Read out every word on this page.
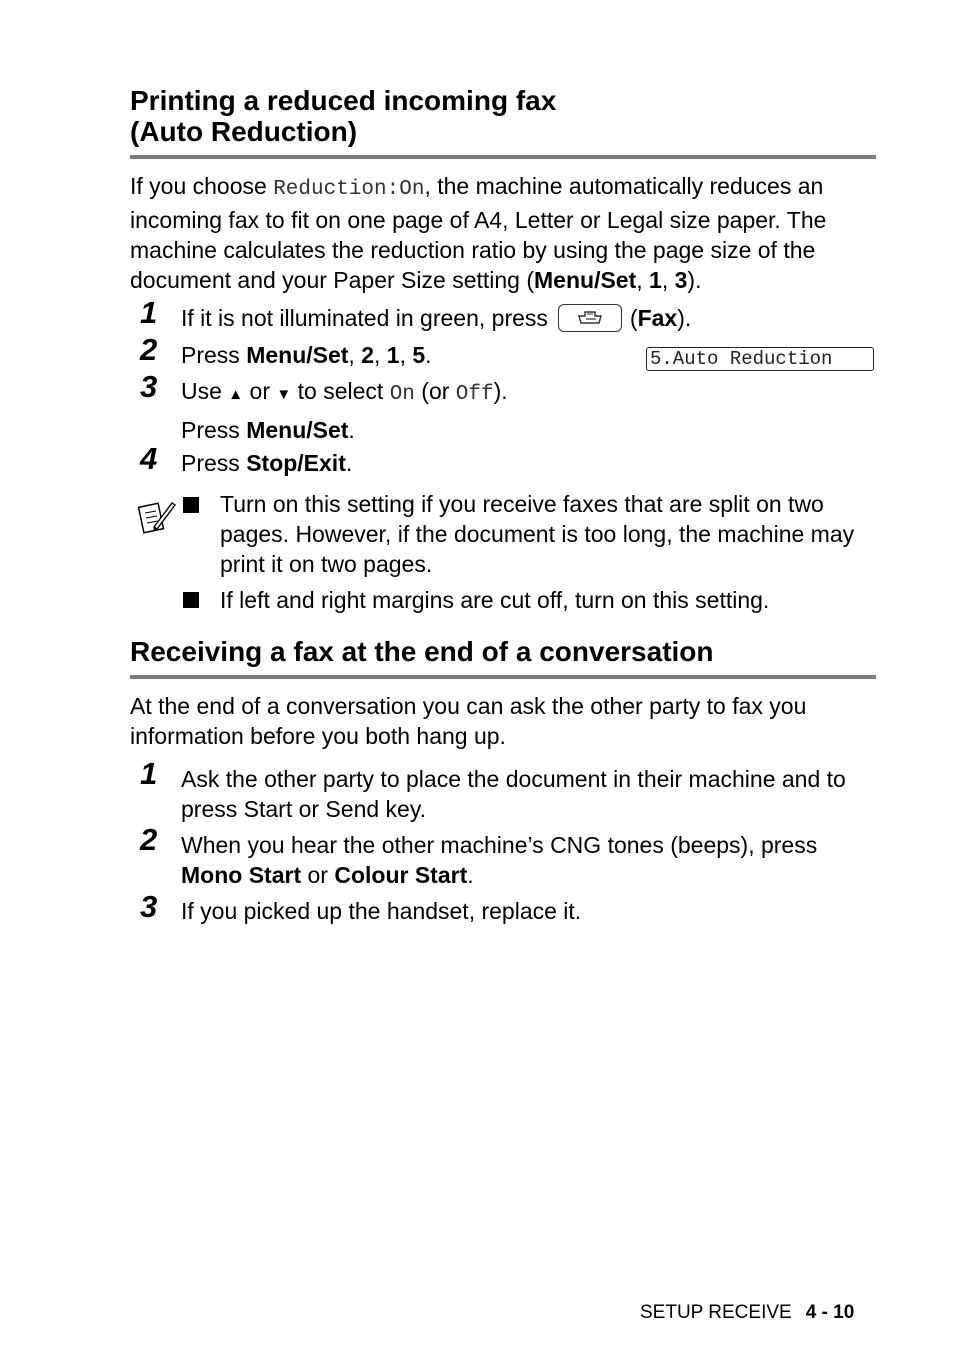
Printing a reduced incoming fax
(Auto Reduction)
If you choose Reduction:On, the machine automatically reduces an incoming fax to fit on one page of A4, Letter or Legal size paper. The machine calculates the reduction ratio by using the page size of the document and your Paper Size setting (Menu/Set, 1, 3).
1 If it is not illuminated in green, press	(Fax).
2 Press Menu/Set, 2, 1, 5.	5.Auto Reduction
3 Use ▲ or ▼ to select On (or Off).
Press Menu/Set.
4 Press Stop/Exit.
Turn on this setting if you receive faxes that are split on two pages. However, if the document is too long, the machine may print it on two pages.
If left and right margins are cut off, turn on this setting.
Receiving a fax at the end of a conversation
At the end of a conversation you can ask the other party to fax you information before you both hang up.
1 Ask the other party to place the document in their machine and to press Start or Send key.
2 When you hear the other machine’s CNG tones (beeps), press
Mono Start or Colour Start.
3 If you picked up the handset, replace it.
SETUP RECEIVE 4 - 10
